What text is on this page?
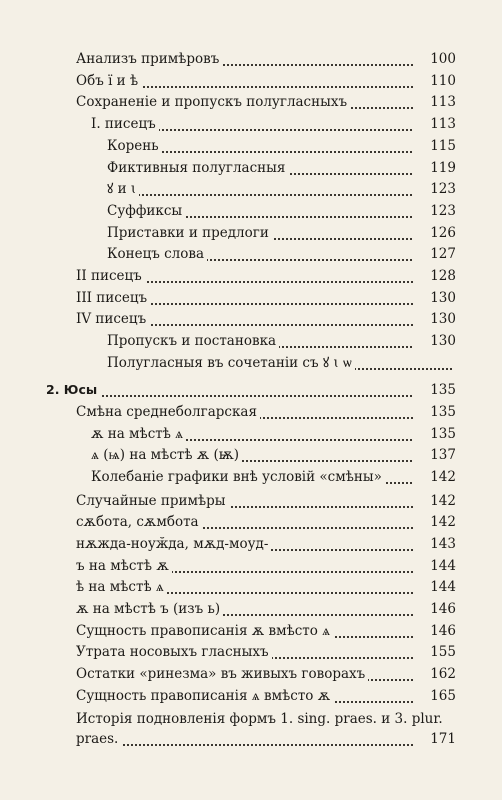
Анализъ примѣровъ	100
Объ ї и ѣ	110
Сохраненіе и пропускъ полугласныхъ	113
I. писецъ	113
Корень	115
Фиктивныя полугласныя	119
ꙋ и ꙇ	123
Суффиксы	123
Приставки и предлоги	126
Конецъ слова	127
II писецъ	128
III писецъ	130
IV писецъ	130
Пропускъ и постановка	130
Полугласныя въ сочетаніи съ ꙋ ꙇ ѡ
2. Юсы	135
Смѣна среднеболгарская	135
ѫ на мѣстѣ ѧ	135
ѧ (ѩ) на мѣстѣ ѫ (ѭ)	137
Колебаніе графики внѣ условій «смѣны»	142
Случайные примѣры	142
сѫбота, сѫмбота	142
нѫжда-ноуӂда, мѫд-моуд-	143
ъ на мѣстѣ ѫ	144
ѣ на мѣстѣ ѧ	144
ѫ на мѣстѣ ъ (изъ ь)	146
Сущность правописанія ѫ вмѣсто ѧ	146
Утрата носовыхъ гласныхъ	155
Остатки «ринезма» въ живыхъ говорахъ	162
Сущность правописанія ѧ вмѣсто ѫ	165
Исторія подновленія формъ 1. sing. praes. и 3. plur.
praes.	171
